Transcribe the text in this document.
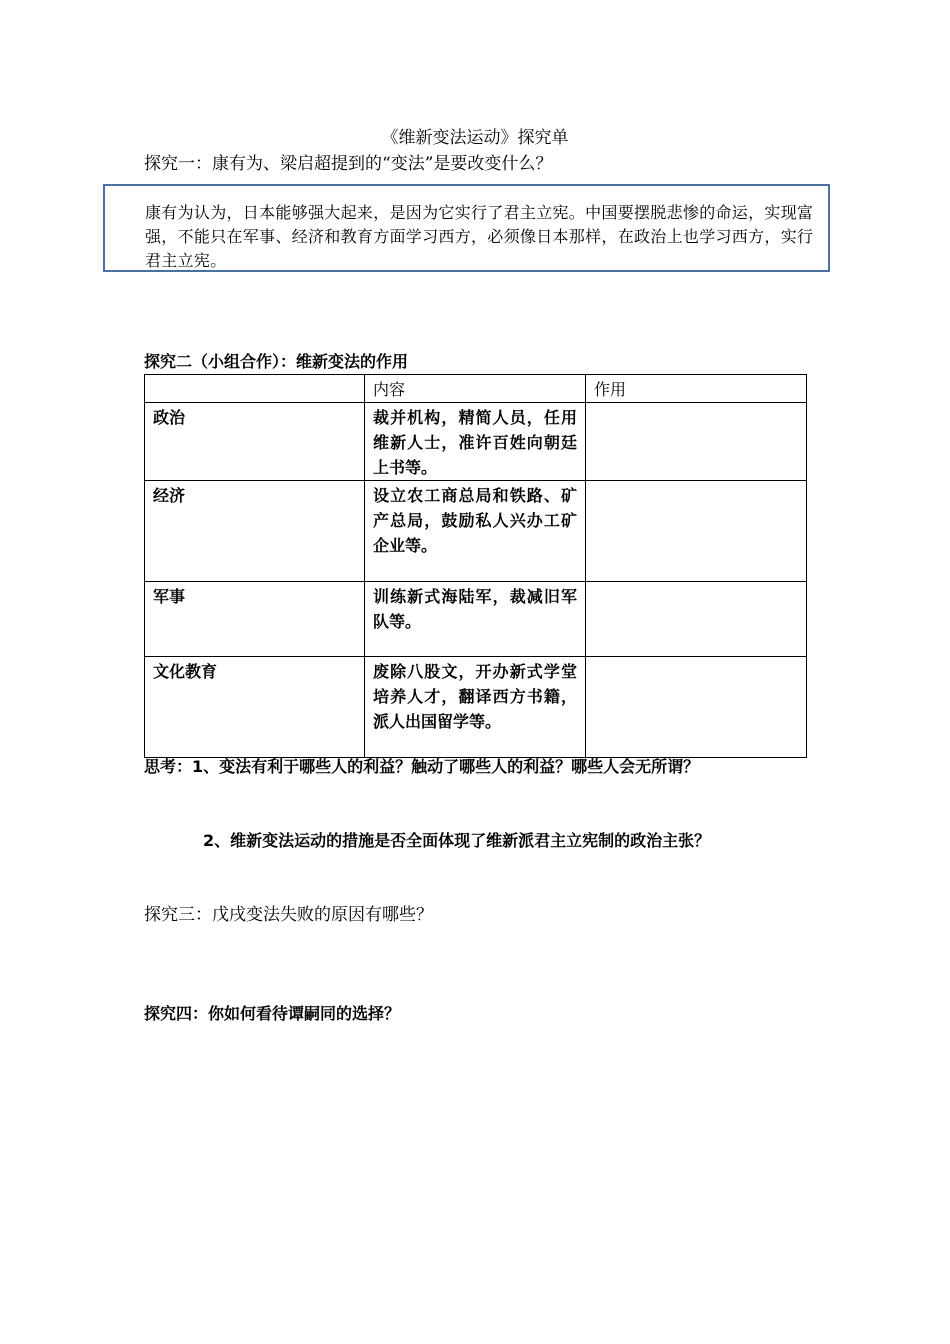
《维新变法运动》探究单
探究一：康有为、梁启超提到的“变法”是要改变什么？
康有为认为，日本能够强大起来，是因为它实行了君主立宪。中国要摆脱悲惨的命运，实现富强，不能只在军事、经济和教育方面学习西方，必须像日本那样，在政治上也学习西方，实行君主立宪。
探究二（小组合作）：维新变法的作用
	内容	作用
政治	裁并机构，精简人员，任用维新人士，准许百姓向朝廷上书等。	
经济	设立农工商总局和铁路、矿产总局，鼓励私人兴办工矿企业等。	
军事	训练新式海陆军，裁减旧军队等。	
文化教育	废除八股文，开办新式学堂培养人才，翻译西方书籍，派人出国留学等。	
思考：1、变法有利于哪些人的利益？触动了哪些人的利益？哪些人会无所谓？
2、维新变法运动的措施是否全面体现了维新派君主立宪制的政治主张？
探究三：戊戌变法失败的原因有哪些？
探究四：你如何看待谭嗣同的选择？
